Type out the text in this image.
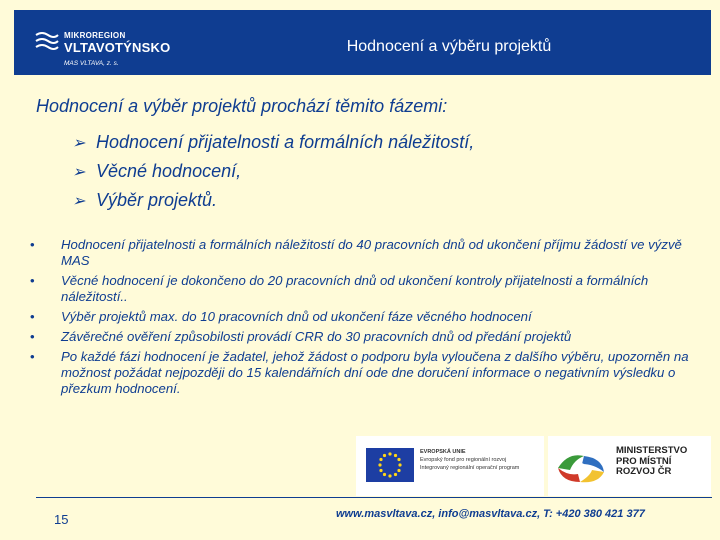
MIKROREGION
VLTAVOTÝNSKO
MAS VLTAVA, z. s.
Hodnocení a výběru projektů
Hodnocení a výběr projektů prochází těmito fázemi:
➢ Hodnocení přijatelnosti a formálních náležitostí,
➢ Věcné hodnocení,
➢ Výběr projektů.
• Hodnocení přijatelnosti a formálních náležitostí do 40 pracovních dnů od ukončení příjmu žádostí ve výzvě MAS
• Věcné hodnocení je dokončeno do 20 pracovních dnů od ukončení kontroly přijatelnosti a formálních náležitostí..
• Výběr projektů max. do 10 pracovních dnů od ukončení fáze věcného hodnocení
• Závěrečné ověření způsobilosti provádí CRR do 30 pracovních dnů od předání projektů
• Po každé fázi hodnocení je žadatel, jehož žádost o podporu byla vyloučena z dalšího výběru, upozorněn na možnost požádat nejpozději do 15 kalendářních dní ode dne doručení informace o negativním výsledku o přezkum hodnocení.
EVROPSKÁ UNIE
Evropský fond pro regionální rozvoj
Integrovaný regionální operační program
MINISTERSTVO
PRO MÍSTNÍ
ROZVOJ ČR
15	www.masvltava.cz, info@masvltava.cz, T: +420 380 421 377
